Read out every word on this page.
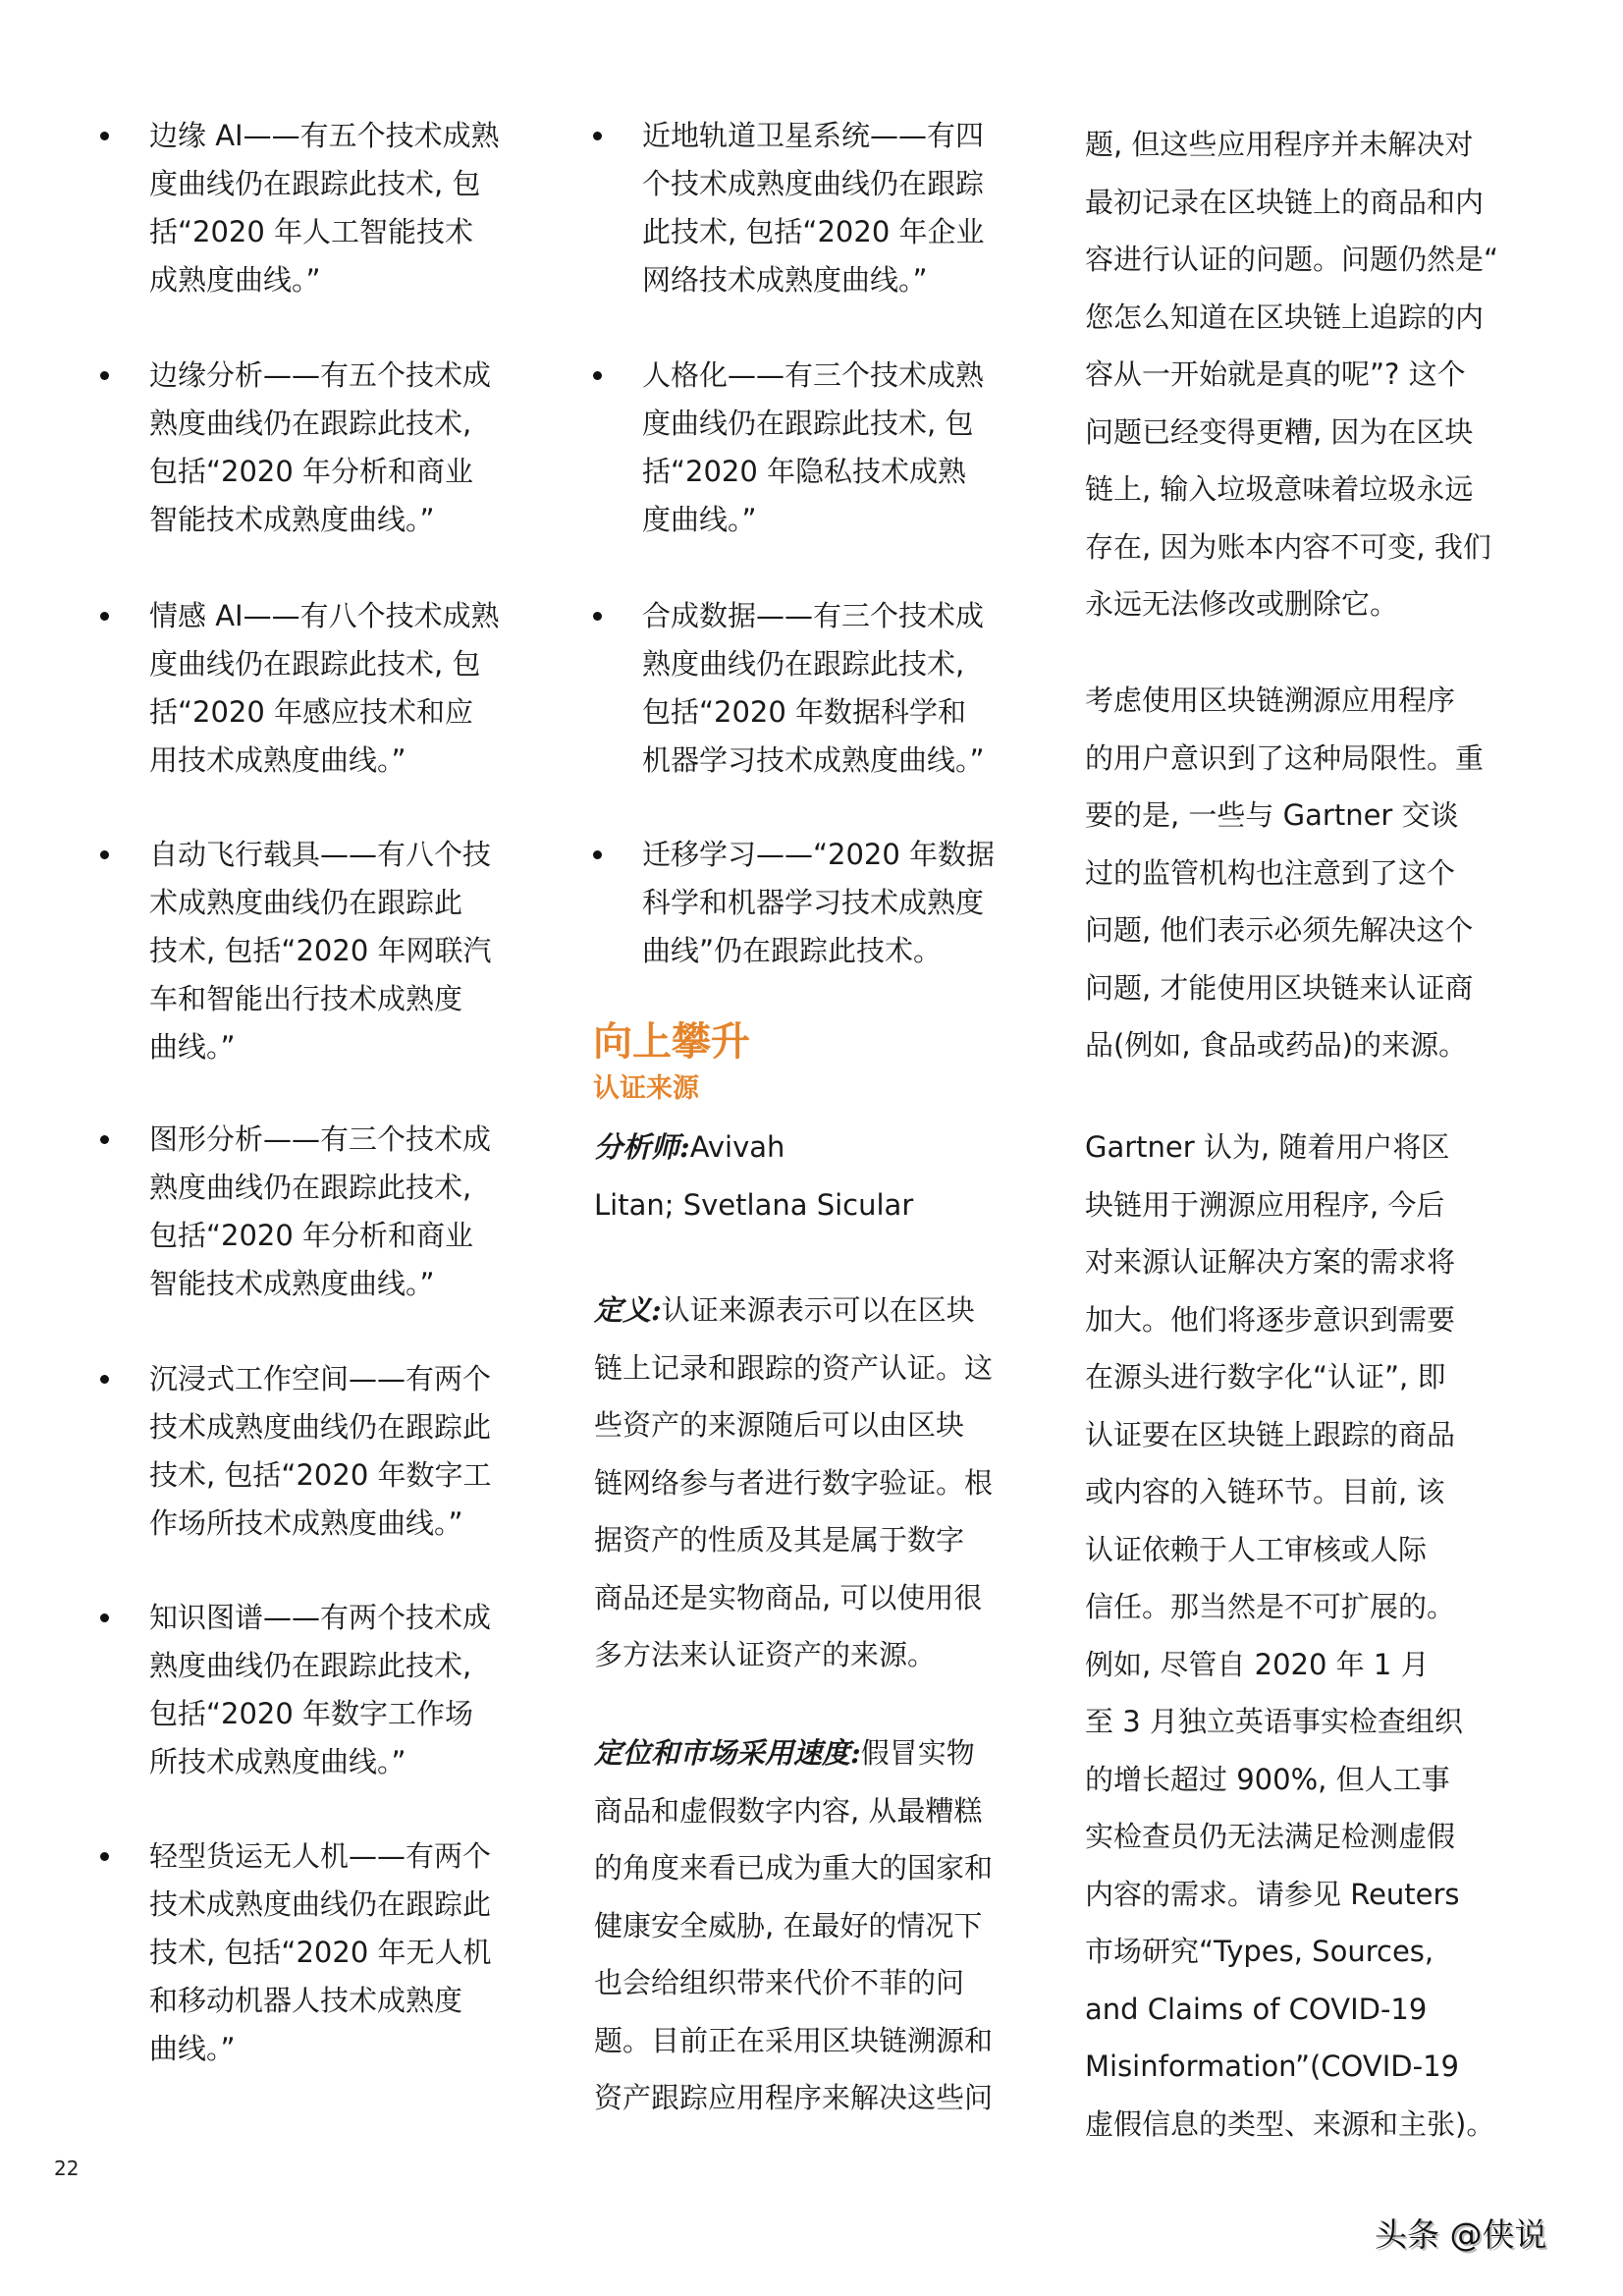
边缘 AI——有五个技术成熟
度曲线仍在跟踪此技术, 包
括“2020 年人工智能技术
成熟度曲线。”
边缘分析——有五个技术成
熟度曲线仍在跟踪此技术,
包括“2020 年分析和商业
智能技术成熟度曲线。”
情感 AI——有八个技术成熟
度曲线仍在跟踪此技术, 包
括“2020 年感应技术和应
用技术成熟度曲线。”
自动飞行载具——有八个技
术成熟度曲线仍在跟踪此
技术, 包括“2020 年网联汽
车和智能出行技术成熟度
曲线。”
图形分析——有三个技术成
熟度曲线仍在跟踪此技术,
包括“2020 年分析和商业
智能技术成熟度曲线。”
沉浸式工作空间——有两个
技术成熟度曲线仍在跟踪此
技术, 包括“2020 年数字工
作场所技术成熟度曲线。”
知识图谱——有两个技术成
熟度曲线仍在跟踪此技术,
包括“2020 年数字工作场
所技术成熟度曲线。”
轻型货运无人机——有两个
技术成熟度曲线仍在跟踪此
技术, 包括“2020 年无人机
和移动机器人技术成熟度
曲线。”
近地轨道卫星系统——有四
个技术成熟度曲线仍在跟踪
此技术, 包括“2020 年企业
网络技术成熟度曲线。”
人格化——有三个技术成熟
度曲线仍在跟踪此技术, 包
括“2020 年隐私技术成熟
度曲线。”
合成数据——有三个技术成
熟度曲线仍在跟踪此技术,
包括“2020 年数据科学和
机器学习技术成熟度曲线。”
迁移学习——“2020 年数据
科学和机器学习技术成熟度
曲线”仍在跟踪此技术。
向上攀升
认证来源
分析师:Avivah
Litan; Svetlana Sicular
定义:认证来源表示可以在区块
链上记录和跟踪的资产认证。这
些资产的来源随后可以由区块
链网络参与者进行数字验证。根
据资产的性质及其是属于数字
商品还是实物商品, 可以使用很
多方法来认证资产的来源。
定位和市场采用速度:假冒实物
商品和虚假数字内容, 从最糟糕
的角度来看已成为重大的国家和
健康安全威胁, 在最好的情况下
也会给组织带来代价不菲的问
题。目前正在采用区块链溯源和
资产跟踪应用程序来解决这些问
题, 但这些应用程序并未解决对
最初记录在区块链上的商品和内
容进行认证的问题。问题仍然是“
您怎么知道在区块链上追踪的内
容从一开始就是真的呢”? 这个
问题已经变得更糟, 因为在区块
链上, 输入垃圾意味着垃圾永远
存在, 因为账本内容不可变, 我们
永远无法修改或删除它。
考虑使用区块链溯源应用程序
的用户意识到了这种局限性。重
要的是, 一些与 Gartner 交谈
过的监管机构也注意到了这个
问题, 他们表示必须先解决这个
问题, 才能使用区块链来认证商
品(例如, 食品或药品)的来源。
Gartner 认为, 随着用户将区
块链用于溯源应用程序, 今后
对来源认证解决方案的需求将
加大。他们将逐步意识到需要
在源头进行数字化“认证”, 即
认证要在区块链上跟踪的商品
或内容的入链环节。目前, 该
认证依赖于人工审核或人际
信任。那当然是不可扩展的。
例如, 尽管自 2020 年 1 月
至 3 月独立英语事实检查组织
的增长超过 900%, 但人工事
实检查员仍无法满足检测虚假
内容的需求。请参见 Reuters
市场研究“Types, Sources,
and Claims of COVID-19
Misinformation”(COVID-19
虚假信息的类型、来源和主张)。
22
头条 @侠说
